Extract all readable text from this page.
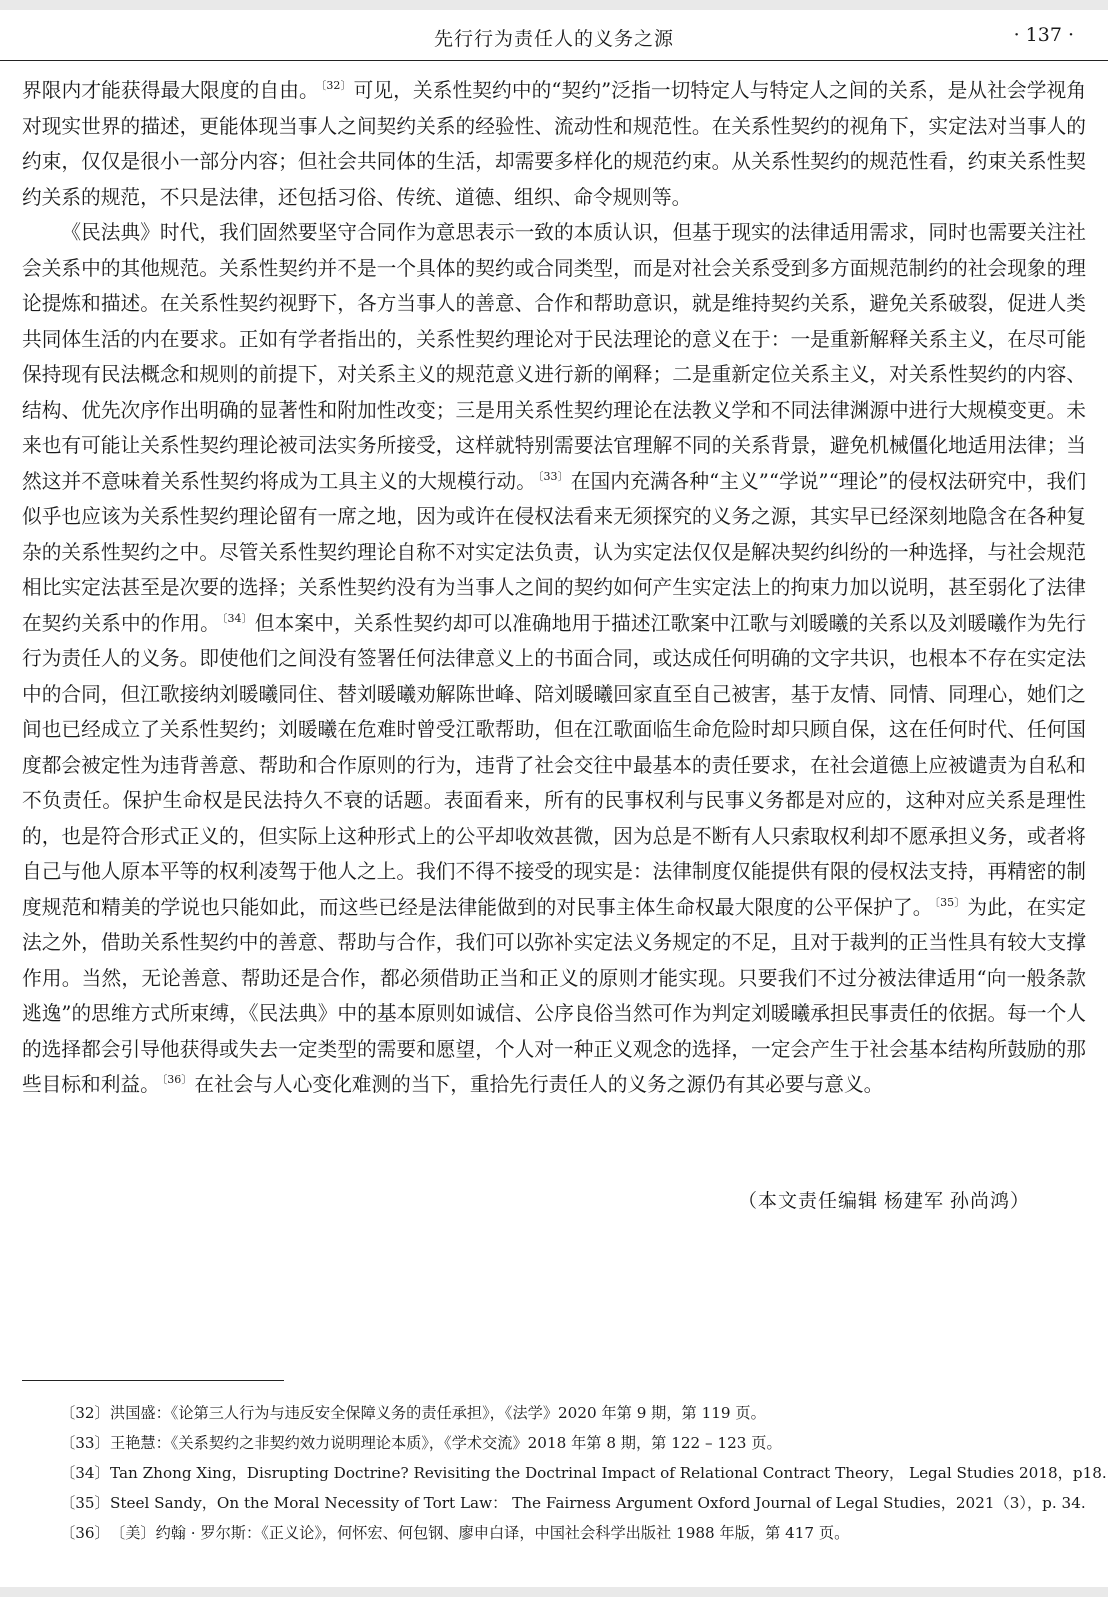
先行行为责任人的义务之源	· 137 ·

界限内才能获得最大限度的自由。 $^{〔32〕}$ 可见，关系性契约中的“契约”泛指一切特定人与特定人之间的关系，是从社会学视角对现实世界的描述，更能体现当事人之间契约关系的经验性、流动性和规范性。在关系性契约的视角下，实定法对当事人的约束，仅仅是很小一部分内容；但社会共同体的生活，却需要多样化的规范约束。从关系性契约的规范性看，约束关系性契约关系的规范，不只是法律，还包括习俗、传统、道德、组织、命令规则等。

《民法典》时代，我们固然要坚守合同作为意思表示一致的本质认识，但基于现实的法律适用需求，同时也需要关注社会关系中的其他规范。关系性契约并不是一个具体的契约或合同类型，而是对社会关系受到多方面规范制约的社会现象的理论提炼和描述。在关系性契约视野下，各方当事人的善意、合作和帮助意识，就是维持契约关系，避免关系破裂，促进人类共同体生活的内在要求。正如有学者指出的，关系性契约理论对于民法理论的意义在于：一是重新解释关系主义，在尽可能保持现有民法概念和规则的前提下，对关系主义的规范意义进行新的阐释；二是重新定位关系主义，对关系性契约的内容、结构、优先次序作出明确的显著性和附加性改变；三是用关系性契约理论在法教义学和不同法律渊源中进行大规模变更。未来也有可能让关系性契约理论被司法实务所接受，这样就特别需要法官理解不同的关系背景，避免机械僵化地适用法律；当然这并不意味着关系性契约将成为工具主义的大规模行动。 $^{〔33〕}$ 在国内充满各种“主义”“学说”“理论”的侵权法研究中，我们似乎也应该为关系性契约理论留有一席之地，因为或许在侵权法看来无须探究的义务之源，其实早已经深刻地隐含在各种复杂的关系性契约之中。尽管关系性契约理论自称不对实定法负责，认为实定法仅仅是解决契约纠纷的一种选择，与社会规范相比实定法甚至是次要的选择；关系性契约没有为当事人之间的契约如何产生实定法上的拘束力加以说明，甚至弱化了法律在契约关系中的作用。 $^{〔34〕}$ 但本案中，关系性契约却可以准确地用于描述江歌案中江歌与刘暖曦的关系以及刘暖曦作为先行行为责任人的义务。即使他们之间没有签署任何法律意义上的书面合同，或达成任何明确的文字共识，也根本不存在实定法中的合同，但江歌接纳刘暖曦同住、替刘暖曦劝解陈世峰、陪刘暖曦回家直至自己被害，基于友情、同情、同理心，她们之间也已经成立了关系性契约；刘暖曦在危难时曾受江歌帮助，但在江歌面临生命危险时却只顾自保，这在任何时代、任何国度都会被定性为违背善意、帮助和合作原则的行为，违背了社会交往中最基本的责任要求，在社会道德上应被谴责为自私和不负责任。保护生命权是民法持久不衰的话题。表面看来，所有的民事权利与民事义务都是对应的，这种对应关系是理性的，也是符合形式正义的，但实际上这种形式上的公平却收效甚微，因为总是不断有人只索取权利却不愿承担义务，或者将自己与他人原本平等的权利凌驾于他人之上。我们不得不接受的现实是：法律制度仅能提供有限的侵权法支持，再精密的制度规范和精美的学说也只能如此，而这些已经是法律能做到的对民事主体生命权最大限度的公平保护了。 $^{〔35〕}$ 为此，在实定法之外，借助关系性契约中的善意、帮助与合作，我们可以弥补实定法义务规定的不足，且对于裁判的正当性具有较大支撑作用。当然，无论善意、帮助还是合作，都必须借助正当和正义的原则才能实现。只要我们不过分被法律适用“向一般条款逃逸”的思维方式所束缚，《民法典》中的基本原则如诚信、公序良俗当然可作为判定刘暖曦承担民事责任的依据。每一个人的选择都会引导他获得或失去一定类型的需要和愿望，个人对一种正义观念的选择，一定会产生于社会基本结构所鼓励的那些目标和利益。 $^{〔36〕}$ 在社会与人心变化难测的当下，重拾先行责任人的义务之源仍有其必要与意义。

（本文责任编辑 杨建军 孙尚鸿）
〔32〕 洪国盛：《论第三人行为与违反安全保障义务的责任承担》，《法学》2020 年第 9 期，第 119 页。
〔33〕 王艳慧：《关系契约之非契约效力说明理论本质》，《学术交流》2018 年第 8 期，第 122 – 123 页。
〔34〕 Tan Zhong Xing，Disrupting Doctrine? Revisiting the Doctrinal Impact of Relational Contract Theory， Legal Studies 2018，p18.
〔35〕 Steel Sandy，On the Moral Necessity of Tort Law： The Fairness Argument Oxford Journal of Legal Studies，2021（3），p. 34.
〔36〕 〔美〕约翰 · 罗尔斯：《正义论》，何怀宏、何包钢、廖申白译，中国社会科学出版社 1988 年版，第 417 页。
